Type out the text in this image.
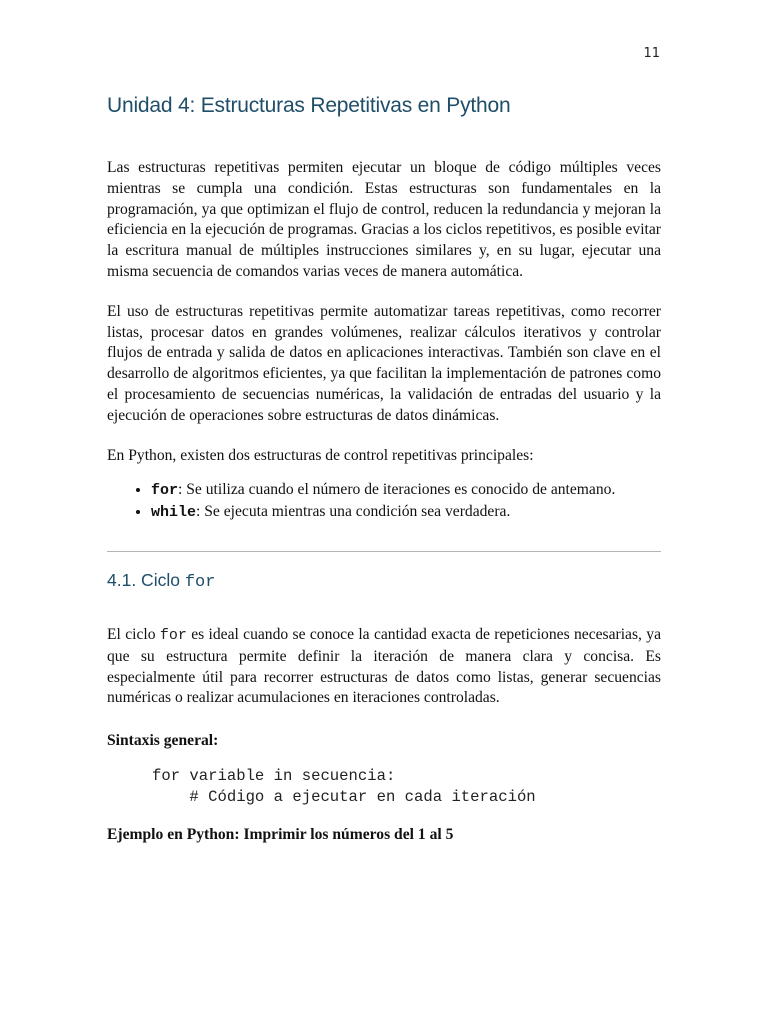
11
Unidad 4: Estructuras Repetitivas en Python

Las estructuras repetitivas permiten ejecutar un bloque de código múltiples veces mientras se cumpla una condición. Estas estructuras son fundamentales en la programación, ya que optimizan el flujo de control, reducen la redundancia y mejoran la eficiencia en la ejecución de programas. Gracias a los ciclos repetitivos, es posible evitar la escritura manual de múltiples instrucciones similares y, en su lugar, ejecutar una misma secuencia de comandos varias veces de manera automática.

El uso de estructuras repetitivas permite automatizar tareas repetitivas, como recorrer listas, procesar datos en grandes volúmenes, realizar cálculos iterativos y controlar flujos de entrada y salida de datos en aplicaciones interactivas. También son clave en el desarrollo de algoritmos eficientes, ya que facilitan la implementación de patrones como el procesamiento de secuencias numéricas, la validación de entradas del usuario y la ejecución de operaciones sobre estructuras de datos dinámicas.

En Python, existen dos estructuras de control repetitivas principales:

• for: Se utiliza cuando el número de iteraciones es conocido de antemano.
• while: Se ejecuta mientras una condición sea verdadera.
4.1. Ciclo for

El ciclo for es ideal cuando se conoce la cantidad exacta de repeticiones necesarias, ya que su estructura permite definir la iteración de manera clara y concisa. Es especialmente útil para recorrer estructuras de datos como listas, generar secuencias numéricas o realizar acumulaciones en iteraciones controladas.

Sintaxis general:
for variable in secuencia:
# Código a ejecutar en cada iteración
Ejemplo en Python: Imprimir los números del 1 al 5
